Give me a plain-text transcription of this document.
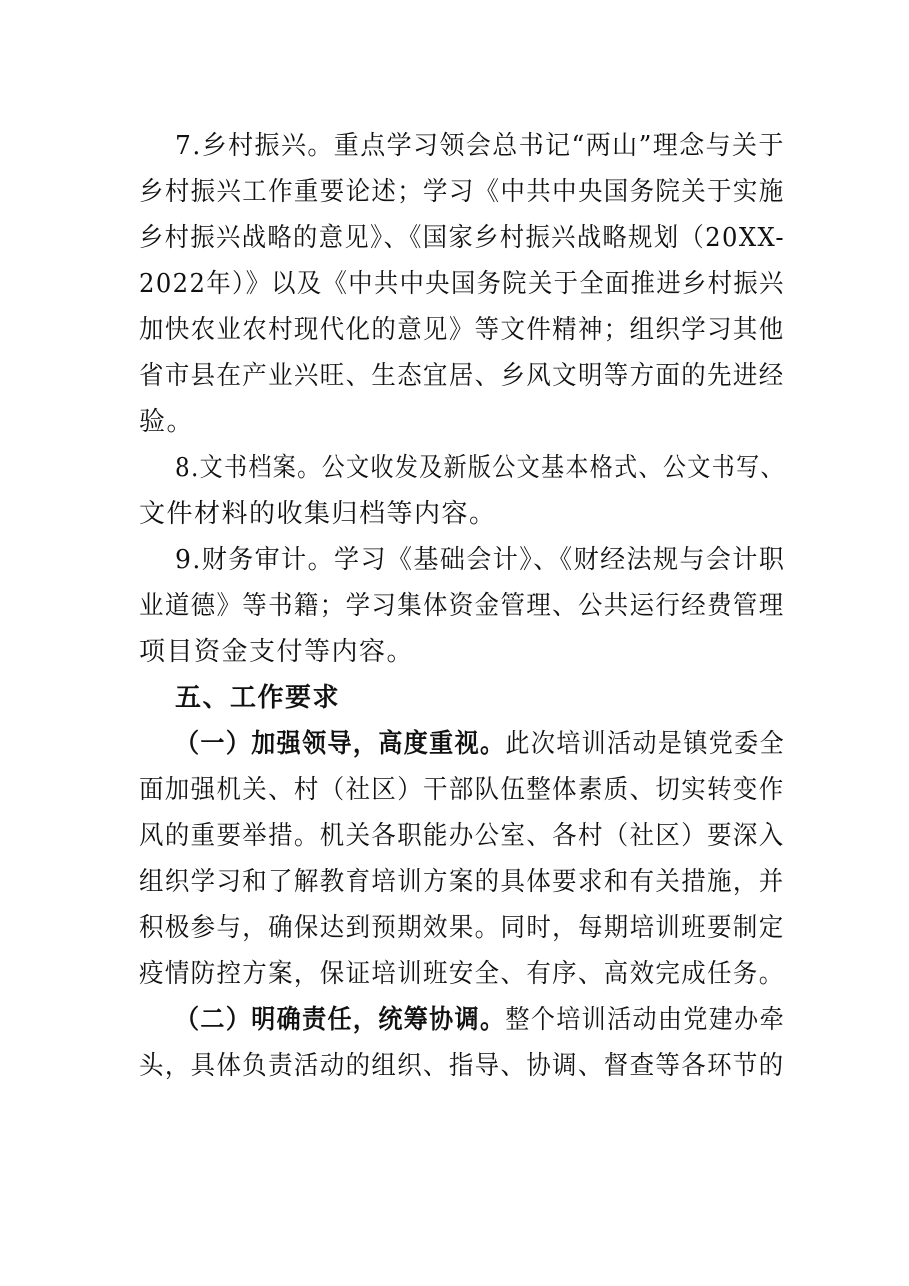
7.乡村振兴。重点学习领会总书记“两山”理念与关于
乡村振兴工作重要论述；学习《中共中央国务院关于实施
乡村振兴战略的意见》、《国家乡村振兴战略规划（20XX-
2022年）》以及《中共中央国务院关于全面推进乡村振兴
加快农业农村现代化的意见》等文件精神；组织学习其他
省市县在产业兴旺、生态宜居、乡风文明等方面的先进经
验。
8.文书档案。公文收发及新版公文基本格式、公文书写、
文件材料的收集归档等内容。
9.财务审计。学习《基础会计》、《财经法规与会计职
业道德》等书籍；学习集体资金管理、公共运行经费管理
项目资金支付等内容。
五、工作要求
（一）加强领导，高度重视。此次培训活动是镇党委全
面加强机关、村（社区）干部队伍整体素质、切实转变作
风的重要举措。机关各职能办公室、各村（社区）要深入
组织学习和了解教育培训方案的具体要求和有关措施，并
积极参与，确保达到预期效果。同时，每期培训班要制定
疫情防控方案，保证培训班安全、有序、高效完成任务。
（二）明确责任，统筹协调。整个培训活动由党建办牵
头，具体负责活动的组织、指导、协调、督查等各环节的
